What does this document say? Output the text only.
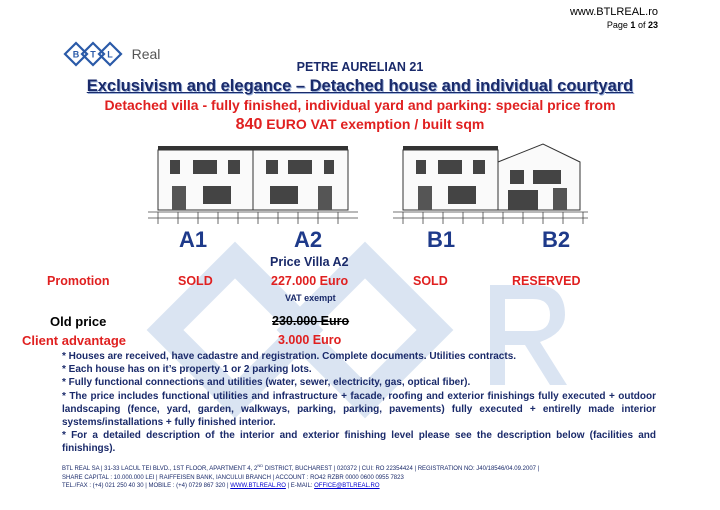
www.BTLREAL.ro
Page 1 of 23
B T L Real
PETRE AURELIAN 21
Exclusivism and elegance – Detached house and individual courtyard
Detached villa - fully finished, individual yard and parking: special price from
840 EURO VAT exemption / built sqm
A1	A2	B1	B2
Price Villa A2
Promotion	SOLD	227.000 Euro	SOLD	RESERVED
VAT exempt
Old price	230.000 Euro
Client advantage	3.000 Euro

* Houses are received, have cadastre and registration. Complete documents. Utilities contracts.

* Each house has on it’s property 1 or 2 parking lots.

* Fully functional connections and utilities (water, sewer, electricity, gas, optical fiber).

* The price includes functional utilities and infrastructure + facade, roofing and exterior finishings fully executed + outdoor landscaping (fence, yard, garden, walkways, parking, parking, pavements) fully executed + entirelly made interior systems/installations + fully finished interior.

* For a detailed description of the interior and exterior finishing level please see the description below (facilities and finishings).

BTL REAL SA | 31-33 LACUL TEI BLVD., 1ST FLOOR, APARTMENT 4, 2ND DISTRICT, BUCHAREST | 020372 | CUI: RO 22354424 | REGISTRATION NO: J40/18546/04.09.2007 |
SHARE CAPITAL : 10.000.000 LEI | RAIFFEISEN BANK, IANCULUI BRANCH | ACCOUNT : RO42 RZBR 0000 0600 0955 7823
TEL./FAX : (+4) 021 250 40 30 | MOBILE : (+4) 0729 867 320 | WWW.BTLREAL.RO | E-MAIL: OFFICE@BTLREAL.RO
